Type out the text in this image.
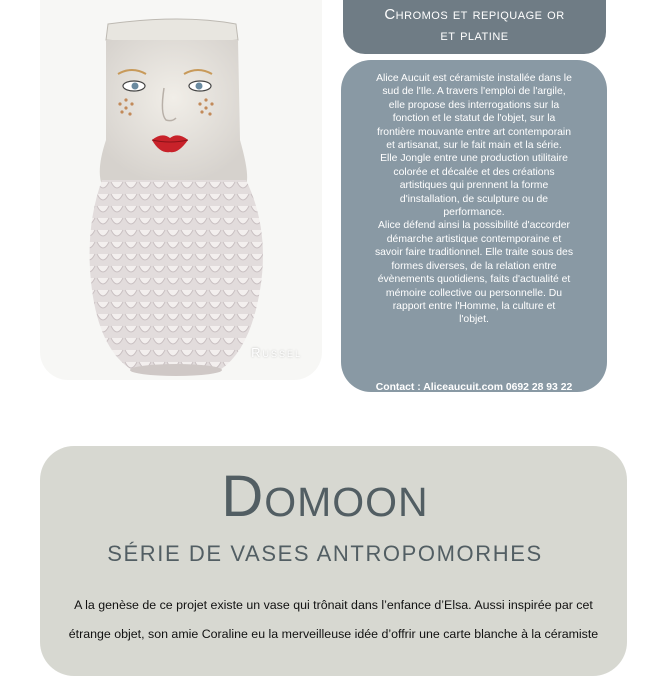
Russel
Chromos et repiquage or
et platine

Alice Aucuit est céramiste installée dans le
sud de l'Ile. A travers l'emploi de l'argile,
elle propose des interrogations sur la
fonction et le statut de l'objet, sur la
frontière mouvante entre art contemporain
et artisanat, sur le fait main et la série.
Elle Jongle entre une production utilitaire
colorée et décalée et des créations
artistiques qui prennent la forme
d'installation, de sculpture ou de
performance.
Alice défend ainsi la possibilité d'accorder
démarche artistique contemporaine et
savoir faire traditionnel. Elle traite sous des
formes diverses, de la relation entre
évènements quotidiens, faits d'actualité et
mémoire collective ou personnelle. Du
rapport entre l'Homme, la culture et
l'objet.

Contact : Aliceaucuit.com 0692 28 93 22
Domoon
SÉRIE DE VASES ANTROPOMORHES
A la genèse de ce projet existe un vase qui trônait dans l’enfance d’Elsa. Aussi inspirée par cet
étrange objet, son amie Coraline eu la merveilleuse idée d’offrir une carte blanche à la céramiste
